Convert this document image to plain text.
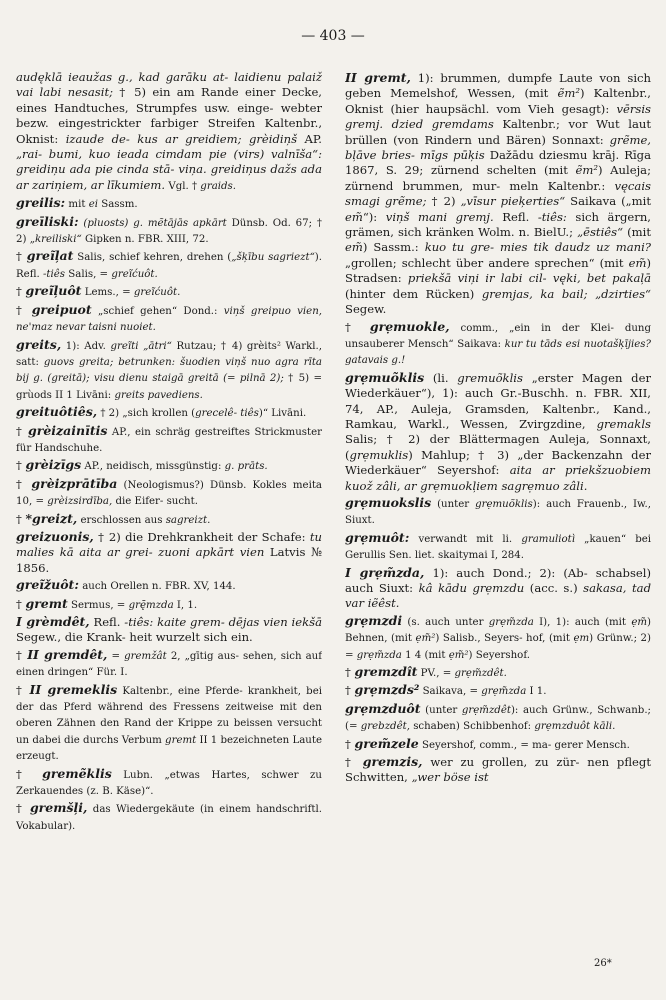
— 403 —

audęklā ieaužas g., kad garāku at- laidienu palaiž vai labi nesasit; † 5) ein am Rande einer Decke, eines Handtuches, Strumpfes usw. einge- webter bezw. eingestrickter farbiger Streifen Kaltenbr., Oknist: izaude de- kus ar greidiem; grèidiņš AP. „rai- bumi, kuo ieada cimdam pie (virs) valnīša“: greidiņu ada pie cinda stā- viņa. greidiņus dažs ada ar zariņiem, ar līkumiem. Vgl. † graids.

greilis: mit ei Sassm.

greīliski: (pluosts) g. mẽtājās apkārt Dünsb. Od. 67; † 2) „kreiliski“ Gipken n. FBR. XIII, 72.

† greĩļat Salis, schief kehren, drehen („šķību sagriezt“). Refl. -tiês Salis, = greĩćuôt.

† greĩļuôt Lems., = greĩćuôt.

† greipuot „schief gehen“ Dond.: viņš greipuo vien, ne'maz nevar taisni nuoiet.

greits, 1): Adv. greĩti „ātri“ Rutzau; † 4) grèits² Warkl., satt: guovs greita; betrunken: šuodien viņš nuo agra rīta bij g. (greitā); visu dienu staigā greitā (= pilnā 2); † 5) = grùods II 1 Livāni: greits pavediens.

greituôtiês, † 2) „sich krollen (grecelê- tiês)“ Livāni.

† grèizainītis AP., ein schräg gestreiftes Strickmuster für Handschuhe.

† grèizīgs AP., neidisch, missgünstig: g. prāts.

† grèizprātība (Neologismus?) Dünsb. Kokles meita 10, = grèizsirdība, die Eifer- sucht.

† *greizt, erschlossen aus sagreizt.

greizuonis, † 2) die Drehkrankheit der Schafe: tu malies kā aita ar grei- zuoni apkārt vien Latvis № 1856.

greĩžuôt: auch Orellen n. FBR. XV, 144.

† gremt Sermus, = grę̄mzda I, 1.

I grèmdêt, Refl. -tiês: kaite grem- dējas vien iekšā Segew., die Krank- heit wurzelt sich ein.

† II gremdêt, = gremžât 2, „gītig aus- sehen, sich auf einen dringen“ Für. I.

† II gremeklis Kaltenbr., eine Pferde- krankheit, bei der das Pferd während des Fressens zeitweise mit den oberen Zähnen den Rand der Krippe zu beissen versucht un dabei die durchs Verbum gremt II 1 bezeichneten Laute erzeugt.

† gremẽklis Lubn. „etwas Hartes, schwer zu Zerkauendes (z. B. Käse)“.

† gremšļi, das Wiedergekäute (in einem handschriftl. Vokabular).

II gremt, 1): brummen, dumpfe Laute von sich geben Memelshof, Wessen, (mit ẽm²) Kaltenbr., Oknist (hier haupsächl. vom Vieh gesagt): vērsis gremj. dzied gremdams Kaltenbr.; vor Wut laut brüllen (von Rindern und Bären) Sonnaxt: grẽme, bļāve bries- mīgs pūķis Dažādu dziesmu krāj. Rīga 1867, S. 29; zürnend schelten (mit ẽm²) Auleja; zürnend brummen, mur- meln Kaltenbr.: vęcais smagi grẽme; † 2) „vīsur pieķerties“ Saikava („mit em̃“): viņš mani gremj. Refl. -tiês: sich ärgern, grämen, sich kränken Wolm. n. BielU.; „ēstiês“ (mit em̃) Sassm.: kuo tu gre- mies tik daudz uz mani? „grollen; schlecht über andere sprechen“ (mit em̃) Stradsen: priekšā viņi ir labi cil- vęki, bet pakaļā (hinter dem Rücken) gremjas, ka bail; „dzirties“ Segew.

† grẹmuokle, comm., „ein in der Klei- dung unsauberer Mensch“ Saikava: kur tu tāds esi nuotašķījies? gatavais g.!

grẹmuõklis (li. gremuõklis „erster Magen der Wiederkäuer“), 1): auch Gr.-Buschh. n. FBR. XII, 74, AP., Auleja, Gramsden, Kaltenbr., Kand., Ramkau, Warkl., Wessen, Zvirgzdine, gremakls Salis; † 2) der Blättermagen Auleja, Sonnaxt, (grẹmuklis) Mahlup; † 3) „der Backenzahn der Wiederkäuer“ Seyershof: aita ar priekšzuobiem kuož zâli, ar grẹmuokļiem sagrẹmuo zâli.

grẹmuokslis (unter grẹmuõklis): auch Frauenb., Iw., Siuxt.

grẹmuôt: verwandt mit li. gramuliotì „kauen“ bei Gerullis Sen. liet. skaitymai I, 284.

I grẹm̃zda, 1): auch Dond.; 2): (Ab- schabsel) auch Siuxt: kâ kādu grẹmzdu (acc. s.) sakasa, tad var iẽêst.

grẹmzdi (s. auch unter grẹm̃zda I), 1): auch (mit ẹm̃) Behnen, (mit ẹm̃²) Salisb., Seyers- hof, (mit ẹm) Grünw.; 2) = grẹm̃zda 1 4 (mit ẹm̃²) Seyershof.

† gremzdît PV., = grẹm̃zdêt.

† grẹmzds² Saikava, = grẹm̃zda I 1.

grẹmzduôt (unter grẹm̃zdêt): auch Grünw., Schwanb.; (= grebzdêt, schaben) Schibbenhof: grẹmzduôt kāli.

† grem̃zele Seyershof, comm., = ma- gerer Mensch.

† gremzis, wer zu grollen, zu zür- nen pflegt Schwitten, „wer böse ist

26*
